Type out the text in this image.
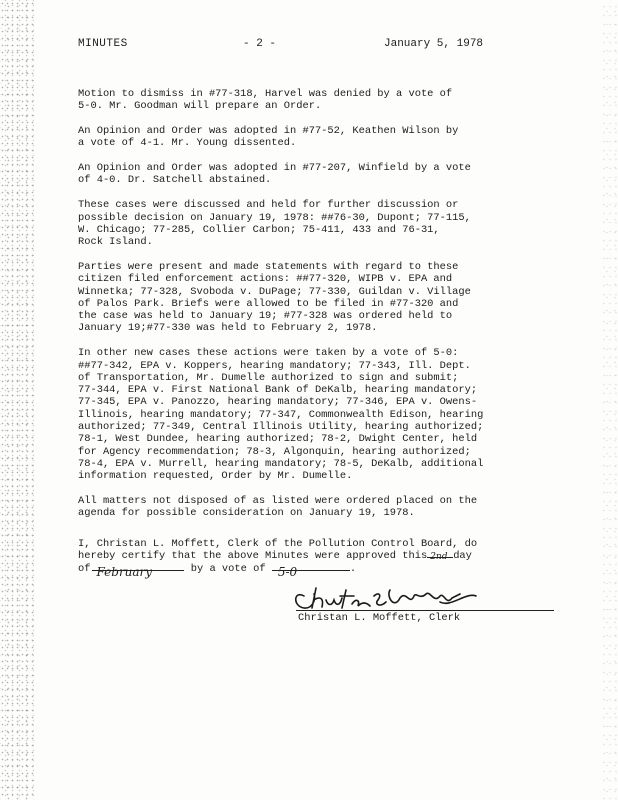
MINUTES	- 2 -	January 5, 1978

Motion to dismiss in #77-318, Harvel was denied by a vote of
5-0. Mr. Goodman will prepare an Order.

An Opinion and Order was adopted in #77-52, Keathen Wilson by
a vote of 4-1. Mr. Young dissented.

An Opinion and Order was adopted in #77-207, Winfield by a vote
of 4-0. Dr. Satchell abstained.

These cases were discussed and held for further discussion or
possible decision on January 19, 1978: ##76-30, Dupont; 77-115,
W. Chicago; 77-285, Collier Carbon; 75-411, 433 and 76-31,
Rock Island.

Parties were present and made statements with regard to these
citizen filed enforcement actions: ##77-320, WIPB v. EPA and
Winnetka; 77-328, Svoboda v. DuPage; 77-330, Guildan v. Village
of Palos Park. Briefs were allowed to be filed in #77-320 and
the case was held to January 19; #77-328 was ordered held to
January 19;#77-330 was held to February 2, 1978.

In other new cases these actions were taken by a vote of 5-0:
##77-342, EPA v. Koppers, hearing mandatory; 77-343, Ill. Dept.
of Transportation, Mr. Dumelle authorized to sign and submit;
77-344, EPA v. First National Bank of DeKalb, hearing mandatory;
77-345, EPA v. Panozzo, hearing mandatory; 77-346, EPA v. Owens-
Illinois, hearing mandatory; 77-347, Commonwealth Edison, hearing
authorized; 77-349, Central Illinois Utility, hearing authorized;
78-1, West Dundee, hearing authorized; 78-2, Dwight Center, held
for Agency recommendation; 78-3, Algonquin, hearing authorized;
78-4, EPA v. Murrell, hearing mandatory; 78-5, DeKalb, additional
information requested, Order by Mr. Dumelle.

All matters not disposed of as listed were ordered placed on the
agenda for possible consideration on January 19, 1978.

I, Christan L. Moffett, Clerk of the Pollution Control Board, do
hereby certify that the above Minutes were approved this 2nd day
of February	by a vote of 5-0	.
Christan L. Moffett, Clerk
